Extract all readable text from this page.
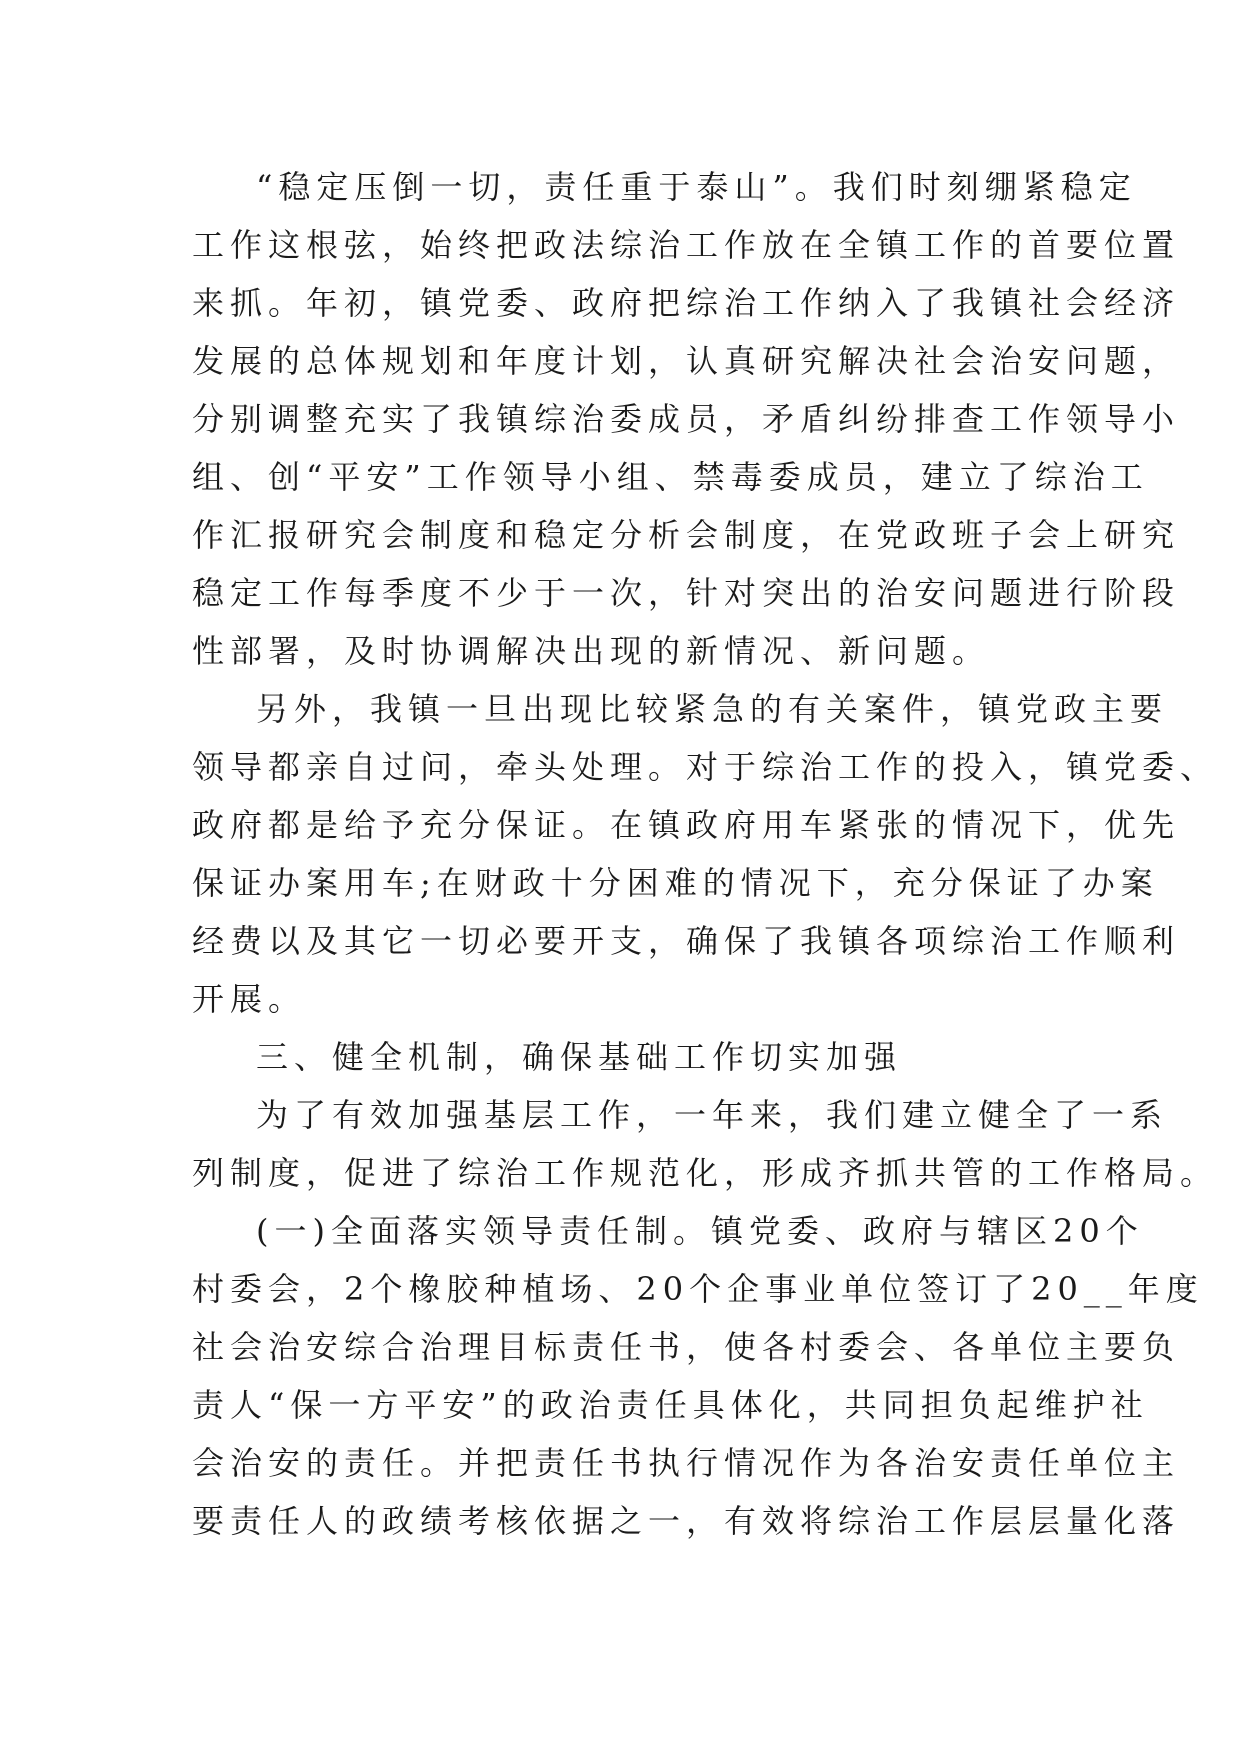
“稳定压倒一切，责任重于泰山”。我们时刻绷紧稳定
工作这根弦，始终把政法综治工作放在全镇工作的首要位置
来抓。年初，镇党委、政府把综治工作纳入了我镇社会经济
发展的总体规划和年度计划，认真研究解决社会治安问题，
分别调整充实了我镇综治委成员，矛盾纠纷排查工作领导小
组、创“平安”工作领导小组、禁毒委成员，建立了综治工
作汇报研究会制度和稳定分析会制度，在党政班子会上研究
稳定工作每季度不少于一次，针对突出的治安问题进行阶段
性部署，及时协调解决出现的新情况、新问题。
另外，我镇一旦出现比较紧急的有关案件，镇党政主要
领导都亲自过问，牵头处理。对于综治工作的投入，镇党委、
政府都是给予充分保证。在镇政府用车紧张的情况下，优先
保证办案用车;在财政十分困难的情况下，充分保证了办案
经费以及其它一切必要开支，确保了我镇各项综治工作顺利
开展。
三、健全机制，确保基础工作切实加强
为了有效加强基层工作，一年来，我们建立健全了一系
列制度，促进了综治工作规范化，形成齐抓共管的工作格局。
(一)全面落实领导责任制。镇党委、政府与辖区20个
村委会，2个橡胶种植场、20个企事业单位签订了20__年度
社会治安综合治理目标责任书，使各村委会、各单位主要负
责人“保一方平安”的政治责任具体化，共同担负起维护社
会治安的责任。并把责任书执行情况作为各治安责任单位主
要责任人的政绩考核依据之一，有效将综治工作层层量化落
